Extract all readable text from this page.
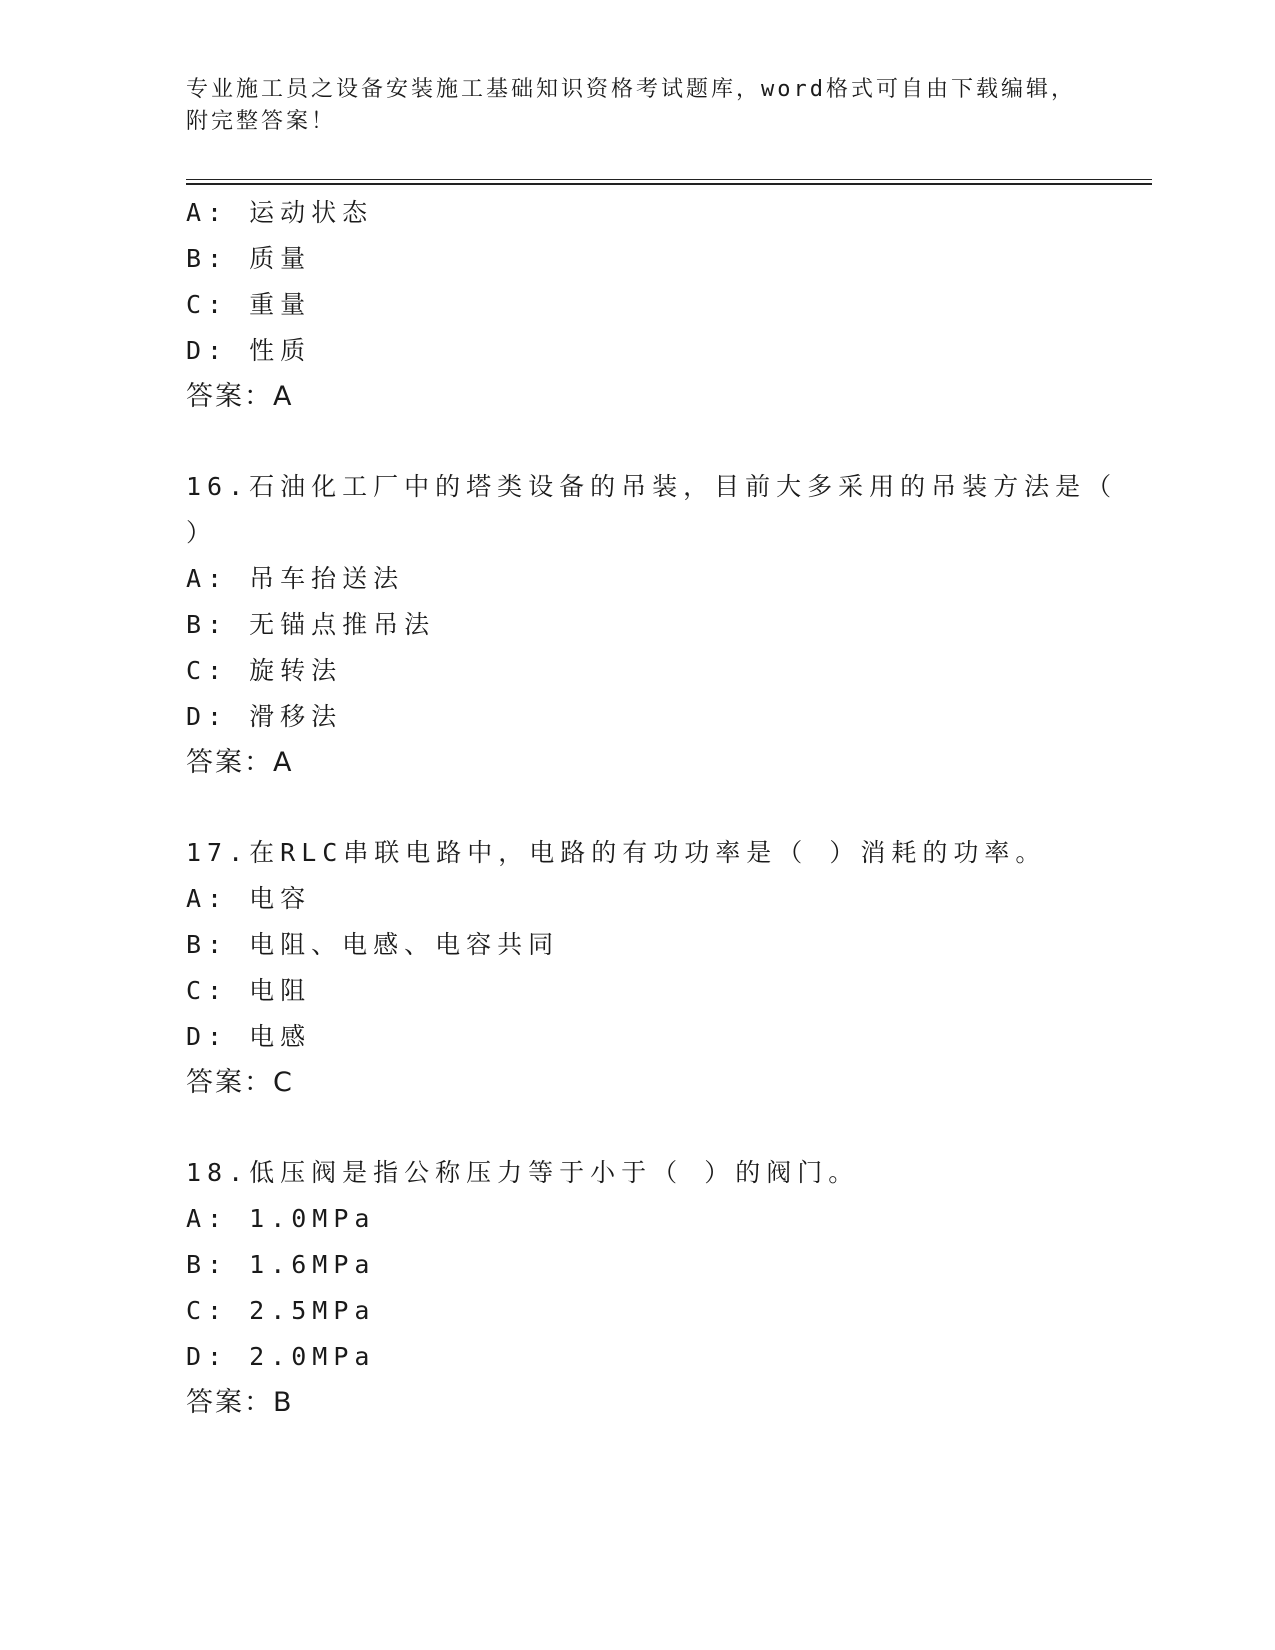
专业施工员之设备安装施工基础知识资格考试题库，word格式可自由下载编辑，
附完整答案！
A: 运动状态
B: 质量
C: 重量
D: 性质
答案：A
16.石油化工厂中的塔类设备的吊装，目前大多采用的吊装方法是（
）
A: 吊车抬送法
B: 无锚点推吊法
C: 旋转法
D: 滑移法
答案：A
17.在RLC串联电路中，电路的有功功率是（ ）消耗的功率。
A: 电容
B: 电阻、电感、电容共同
C: 电阻
D: 电感
答案：C
18.低压阀是指公称压力等于小于（ ）的阀门。
A: 1.0MPa
B: 1.6MPa
C: 2.5MPa
D: 2.0MPa
答案：B
